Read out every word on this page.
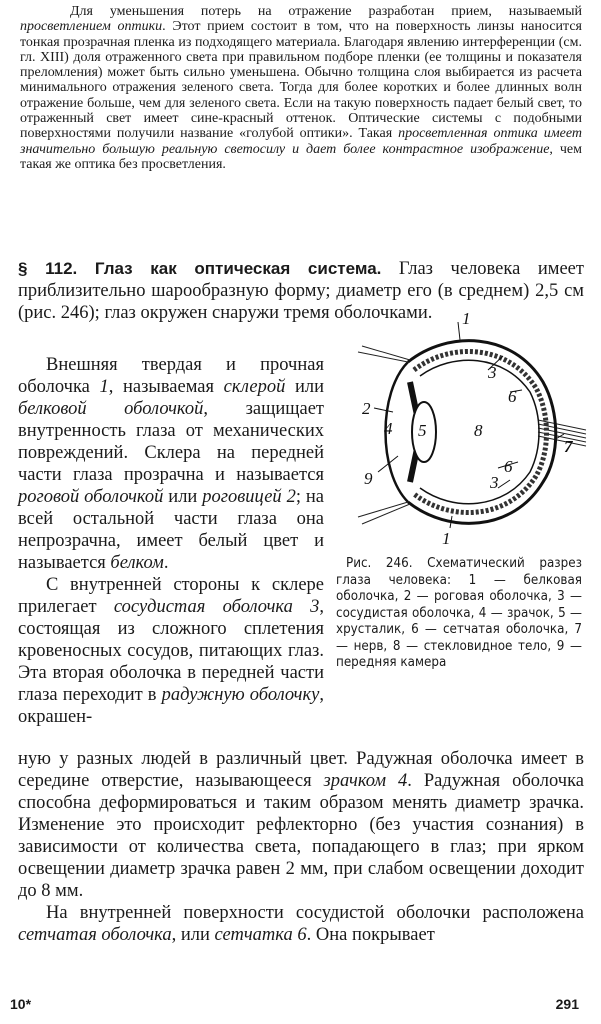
Для уменьшения потерь на отражение разработан прием, называемый просветлением оптики. Этот прием состоит в том, что на поверхность линзы наносится тонкая прозрачная пленка из подходящего материала. Благодаря явлению интерференции (см. гл. XIII) доля отраженного света при правильном подборе пленки (ее толщины и показателя преломления) может быть сильно уменьшена. Обычно толщина слоя выбирается из расчета минимального отражения зеленого света. Тогда для более коротких и более длинных волн отражение больше, чем для зеленого света. Если на такую поверхность падает белый свет, то отраженный свет имеет сине-красный оттенок. Оптические системы с подобными поверхностями получили название «голубой оптики». Такая просветленная оптика имеет значительно большую реальную светосилу и дает более контрастное изображение, чем такая же оптика без просветления.

§ 112. Глаз как оптическая система. Глаз человека имеет приблизительно шарообразную форму; диаметр его (в среднем) 2,5 см (рис. 246); глаз окружен снаружи тремя оболочками.

Внешняя твердая и прочная оболочка 1, называемая склерой или белковой оболочкой, защищает внутренность глаза от механических повреждений. Склера на передней части глаза прозрачна и называется роговой оболочкой или роговицей 2; на всей остальной части глаза она непрозрачна, имеет белый цвет и называется белком.

С внутренней стороны к склере прилегает сосудистая оболочка 3, состоящая из сложного сплетения кровеносных сосудов, питающих глаз. Эта вторая оболочка в передней части глаза переходит в радужную оболочку, окрашен-

1
3
6
2
4 5	8
7
9
6
3
1
Рис. 246. Схематический разрез глаза человека: 1 — белковая оболочка, 2 — роговая оболочка, 3 — сосудистая оболочка, 4 — зрачок, 5 — хрусталик, 6 — сетчатая оболочка, 7 — нерв, 8 — стекловидное тело, 9 — передняя камера

ную у разных людей в различный цвет. Радужная оболочка имеет в середине отверстие, называющееся зрачком 4. Радужная оболочка способна деформироваться и таким образом менять диаметр зрачка. Изменение это происходит рефлекторно (без участия сознания) в зависимости от количества света, попадающего в глаз; при ярком освещении диаметр зрачка равен 2 мм, при слабом освещении доходит до 8 мм.

На внутренней поверхности сосудистой оболочки расположена сетчатая оболочка, или сетчатка 6. Она покрывает

10*	291
